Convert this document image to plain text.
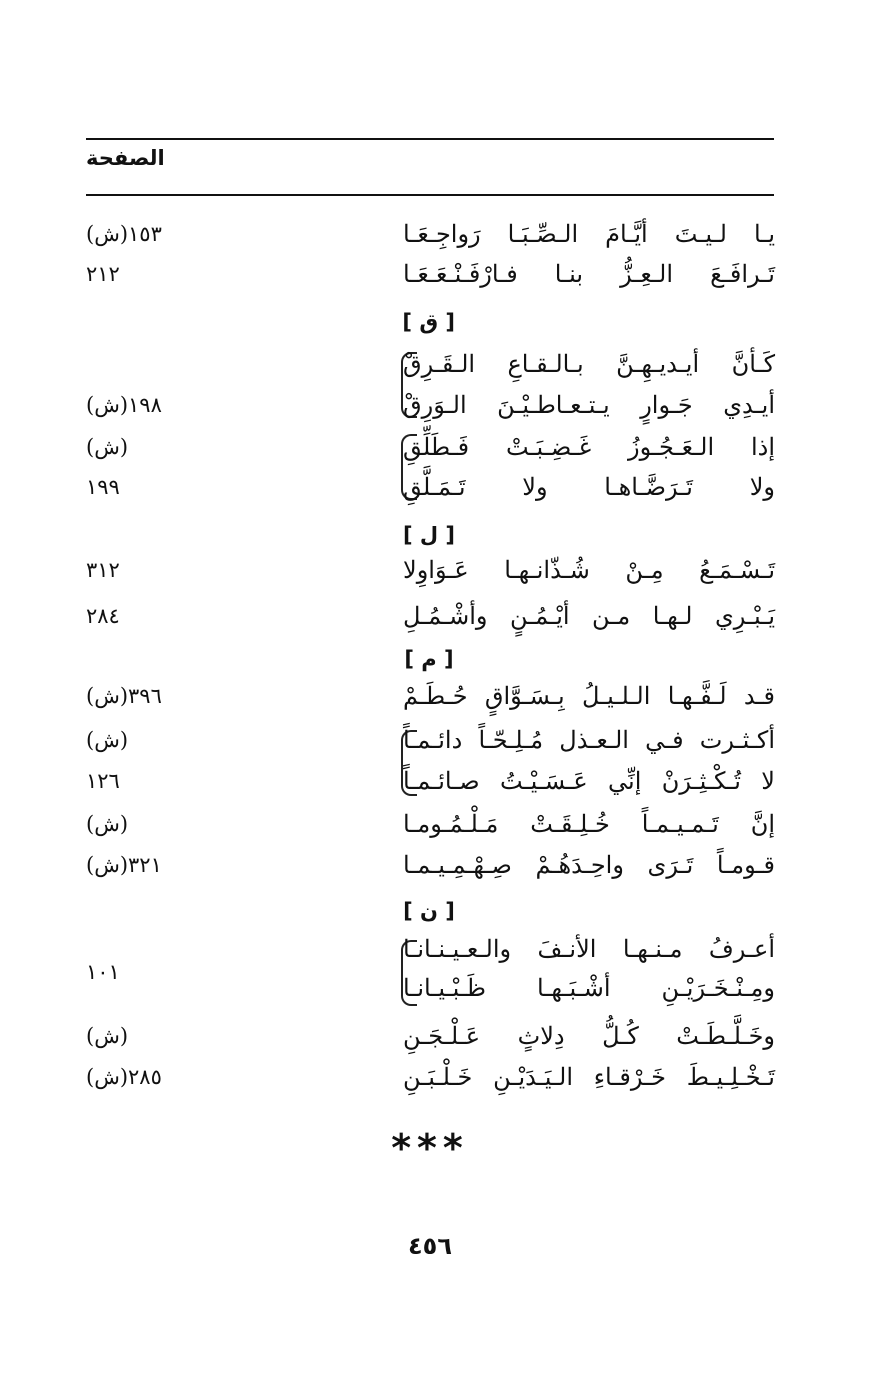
الصفحة
يـا لـيـتَ أيَّـامَ الـصِّـبَـا رَواجِـعَـا
١٥٣(ش)
تَـرافَـعَ الـعِـزُّ بنـا فـارْفَـنْـعَـعَـا
٢١٢
[ ق ]
كَـأنَّ أيـديـهِـنَّ بـالـقـاعِ الـقَـرِقْ
أيـدِي جَـوارٍ يـتـعـاطـيْـنَ الـوَرِقْ
١٩٨(ش)
إذا الـعَـجُـوزُ غَـضِـبَـتْ فَـطَلِّقِ
(ش)
ولا تَـرَضَّـاهـا ولا تَـمَـلَّقِ
١٩٩
[ ل ]
تَـسْـمَـعُ مِـنْ شُـذّانـهـا عَـوَاوِلا
٣١٢
يَـبْـرِي لـهـا مـن أيْـمُـنٍ وأشْـمُـلِ
٢٨٤
[ م ]
قـد لَـفَّـهـا الـلـيـلُ بِـسَـوَّاقٍ حُـطَـمْ
٣٩٦(ش)
أكـثـرت فـي الـعـذل مُـلِـحّـاً دائـمـاً
(ش)
لا تُـكْـثِـرَنْ إنِّي عَـسَـيْـتُ صـائـمـاً
١٢٦
إنَّ تَـمـيـمـاً خُـلِـقَـتْ مَـلْـمُـومـا
(ش)
قـومـاً تَـرَى واحِـدَهُـمْ صِـهْـمِـيـمـا
٣٢١(ش)
[ ن ]
أعـرفُ مـنـهـا الأنـفَ والـعـيـنـانـا
ومِـنْـخَـرَيْـنِ أشْـبَـهـا ظَـبْـيـانـا
١٠١
وخَـلَّـطَـتْ كُـلُّ دِلاثٍ عَـلْـجَـنِ
(ش)
تَـخْـلِـيـطَ خَـرْقـاءِ الـيَـدَيْـنِ خَـلْـبَـنِ
٢٨٥(ش)
***
٤٥٦
